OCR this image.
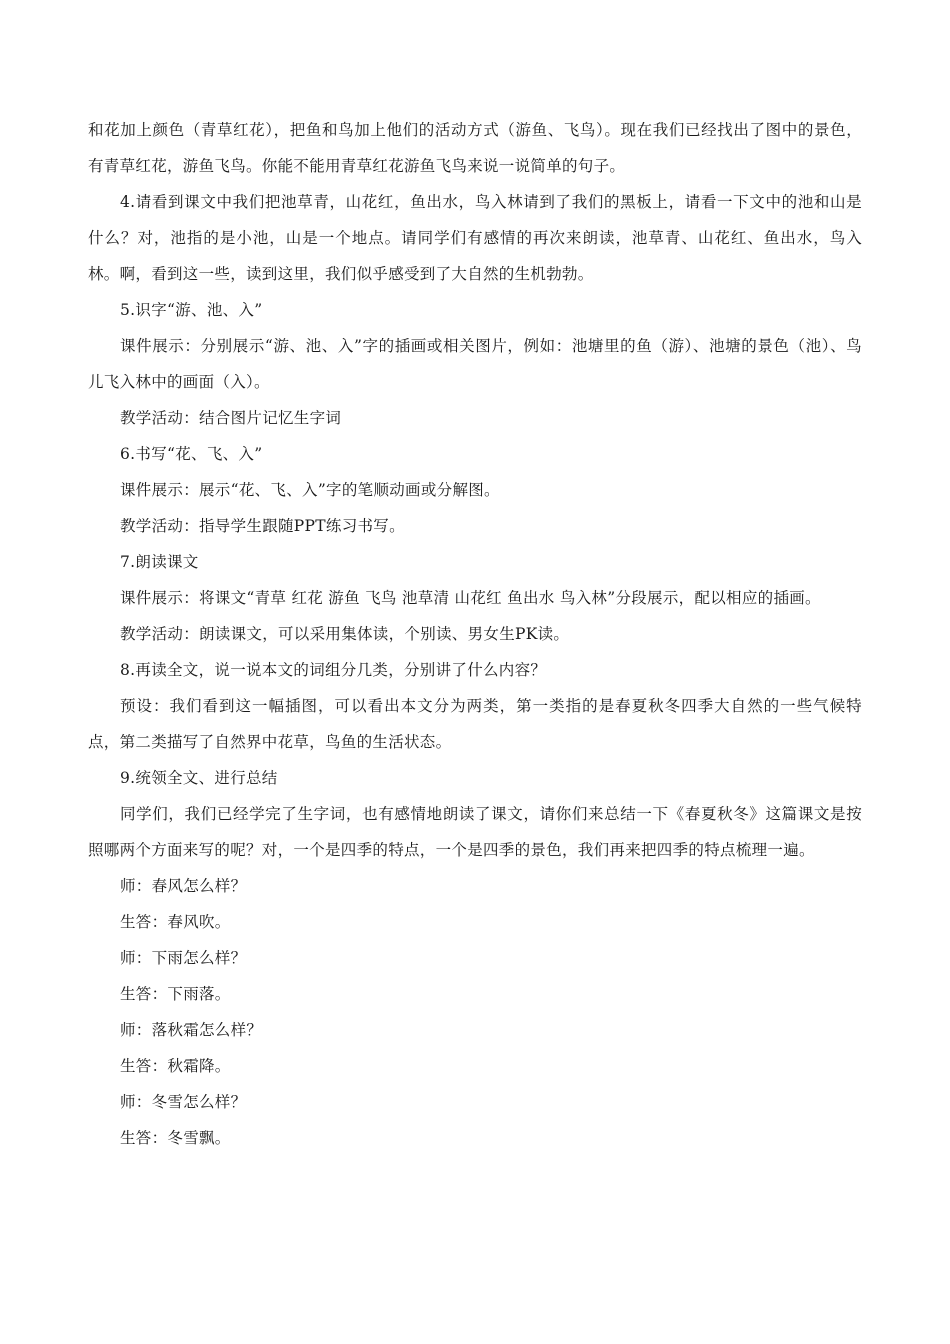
和花加上颜色（青草红花），把鱼和鸟加上他们的活动方式（游鱼、飞鸟）。现在我们已经找出了图中的景色，有青草红花，游鱼飞鸟。你能不能用青草红花游鱼飞鸟来说一说简单的句子。

4.请看到课文中我们把池草青，山花红，鱼出水，鸟入林请到了我们的黑板上，请看一下文中的池和山是什么？对，池指的是小池，山是一个地点。请同学们有感情的再次来朗读，池草青、山花红、鱼出水，鸟入林。啊，看到这一些，读到这里，我们似乎感受到了大自然的生机勃勃。

5.识字“游、池、入”

课件展示：分别展示“游、池、入”字的插画或相关图片，例如：池塘里的鱼（游）、池塘的景色（池）、鸟儿飞入林中的画面（入）。

教学活动：结合图片记忆生字词

6.书写“花、飞、入”

课件展示：展示“花、飞、入”字的笔顺动画或分解图。

教学活动：指导学生跟随PPT练习书写。

7.朗读课文

课件展示：将课文“青草 红花 游鱼 飞鸟 池草清 山花红 鱼出水 鸟入林”分段展示，配以相应的插画。

教学活动：朗读课文，可以采用集体读，个别读、男女生PK读。

8.再读全文，说一说本文的词组分几类，分别讲了什么内容？

预设：我们看到这一幅插图，可以看出本文分为两类，第一类指的是春夏秋冬四季大自然的一些气候特点，第二类描写了自然界中花草，鸟鱼的生活状态。

9.统领全文、进行总结

同学们，我们已经学完了生字词，也有感情地朗读了课文，请你们来总结一下《春夏秋冬》这篇课文是按照哪两个方面来写的呢？对，一个是四季的特点，一个是四季的景色，我们再来把四季的特点梳理一遍。

师：春风怎么样？

生答：春风吹。

师：下雨怎么样？

生答：下雨落。

师：落秋霜怎么样？

生答：秋霜降。

师：冬雪怎么样？

生答：冬雪飘。
